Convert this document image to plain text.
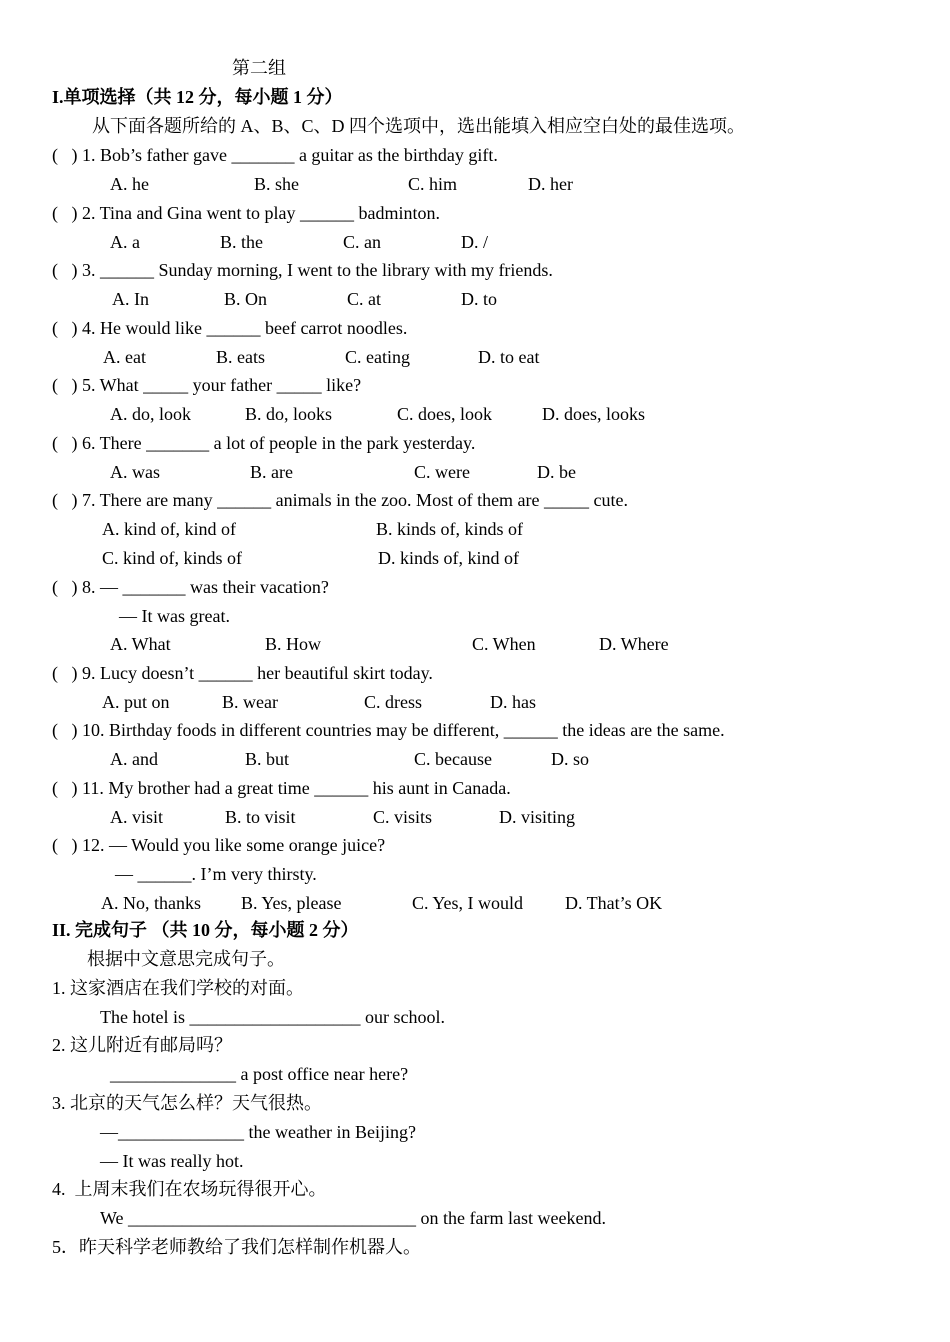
第二组
I.单项选择（共 12 分，每小题 1 分）
从下面各题所给的 A、B、C、D 四个选项中，选出能填入相应空白处的最佳选项。
(   ) 1. Bob’s father gave _______ a guitar as the birthday gift.
A. he	B. she	C. him	D. her
(   ) 2. Tina and Gina went to play ______ badminton.
A. a	B. the	C. an	D. /
(   ) 3. ______ Sunday morning, I went to the library with my friends.
A. In	B. On	C. at	D. to
(   ) 4. He would like ______ beef carrot noodles.
A. eat	B. eats	C. eating	D. to eat
(   ) 5. What _____ your father _____ like?
A. do, look	B. do, looks	C. does, look	D. does, looks
(   ) 6. There _______ a lot of people in the park yesterday.
A. was	B. are	C. were	D. be
(   ) 7. There are many ______ animals in the zoo. Most of them are _____ cute.
A. kind of, kind of	B. kinds of, kinds of
C. kind of, kinds of	D. kinds of, kind of
(   ) 8. — _______ was their vacation?
— It was great.
A. What	B. How	C. When	D. Where
(   ) 9. Lucy doesn’t ______ her beautiful skirt today.
A. put on	B. wear	C. dress	D. has
(   ) 10. Birthday foods in different countries may be different, ______ the ideas are the same.
A. and	B. but	C. because	D. so
(   ) 11. My brother had a great time ______ his aunt in Canada.
A. visit	B. to visit	C. visits	D. visiting
(   ) 12. — Would you like some orange juice?
— ______. I’m very thirsty.
A. No, thanks B. Yes, please	C. Yes, I would D. That’s OK
II. 完成句子 （共 10 分，每小题 2 分）
根据中文意思完成句子。
1. 这家酒店在我们学校的对面。
The hotel is ___________________ our school.
2. 这儿附近有邮局吗？
______________ a post office near here?
3. 北京的天气怎么样？天气很热。
—______________ the weather in Beijing?
— It was really hot.
4.  上周末我们在农场玩得很开心。
We ________________________________ on the farm last weekend.
5．昨天科学老师教给了我们怎样制作机器人。
